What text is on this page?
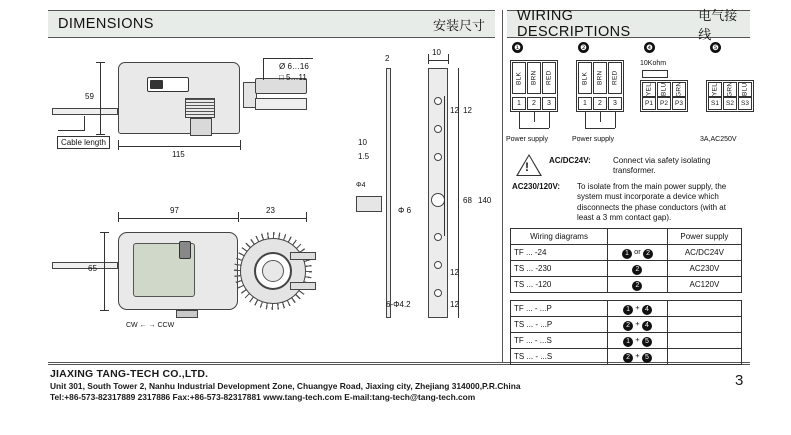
DIMENSIONS	安装尺寸
WIRING DESCRIPTIONS
电气接线
Ø 6…16
□ 5…11
59
115
Cable length
97	23
65
CW ← → CCW
2
10
1.5
10
12 12
12
12
68 140
Φ4
Φ 6
6-Φ4.2
❶
BLK	BRN	RED
1	2	3
Power supply
❷
BLK	BRN	RED
1	2	3
Power supply
❹
10Kohm
YEL	BLU	GRN
P1	P2	P3
❺
YEL	GRN	BLU
S1	S2	S3
3A,AC250V
!	AC/DC24V:	Connect via safety isolating transformer.
AC230/120V: To isolate from the main power supply, the system must incorporate a device which disconnects the phase conductors (with at least a 3 mm contact gap).
Wiring diagrams		Power supply
TF ... -24	1 or 2	AC/DC24V
TS ... -230	2	AC230V
TS ... -120	2	AC120V

TF ... - ...P	1 + 4	
TS ... - ...P	2 + 4	
TF ... - ...S	1 + 5	
TS ... - ...S	2 + 5	
JIAXING TANG-TECH CO.,LTD.
Unit 301, South Tower 2, Nanhu Industrial Development Zone, Chuangye Road, Jiaxing city, Zhejiang 314000,P.R.China
Tel:+86-573-82317889 2317886 Fax:+86-573-82317881 www.tang-tech.com E-mail:tang-tech@tang-tech.com
3
